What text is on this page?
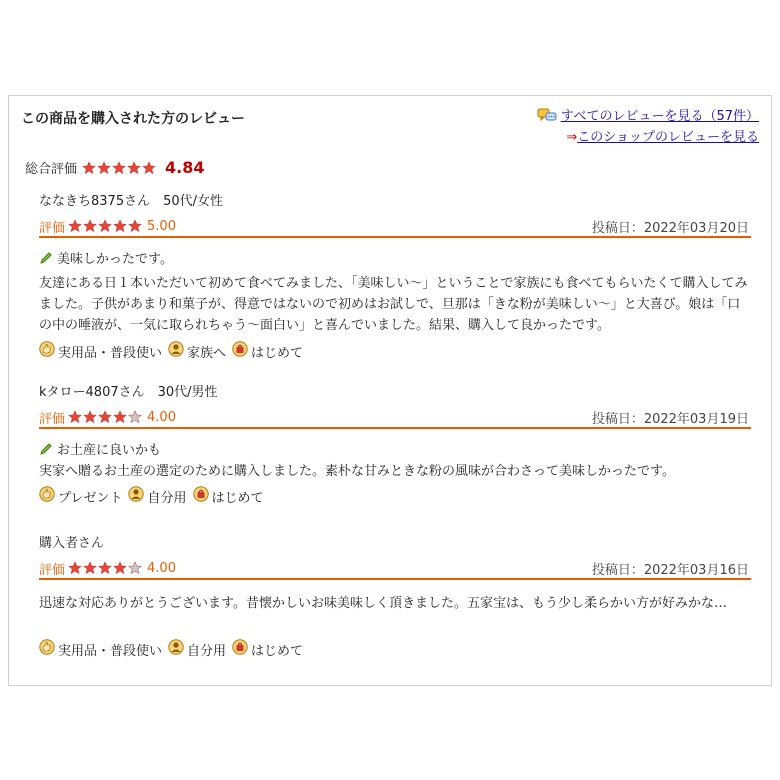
この商品を購入された方のレビュー	すべてのレビューを見る（57件）
⇒このショップのレビューを見る
総合評価	4.84
ななきち8375さん　50代/女性
評価	5.00	投稿日：2022年03月20日
美味しかったです。
友達にある日１本いただいて初めて食べてみました、「美味しい〜」ということで家族にも食べてもらいたくて購入してみました。子供があまり和菓子が、得意ではないので初めはお試しで、旦那は「きな粉が美味しい〜」と大喜び。娘は「口の中の唾液が、一気に取られちゃう〜面白い」と喜んでいました。結果、購入して良かったです。
実用品・普段使い 家族へ はじめて
kタロー4807さん　30代/男性
評価	4.00	投稿日：2022年03月19日
お土産に良いかも
実家へ贈るお土産の選定のために購入しました。素朴な甘みときな粉の風味が合わさって美味しかったです。
プレゼント 自分用 はじめて
購入者さん
評価	4.00	投稿日：2022年03月16日
迅速な対応ありがとうございます。昔懐かしいお味美味しく頂きました。五家宝は、もう少し柔らかい方が好みかな…
実用品・普段使い 自分用 はじめて
